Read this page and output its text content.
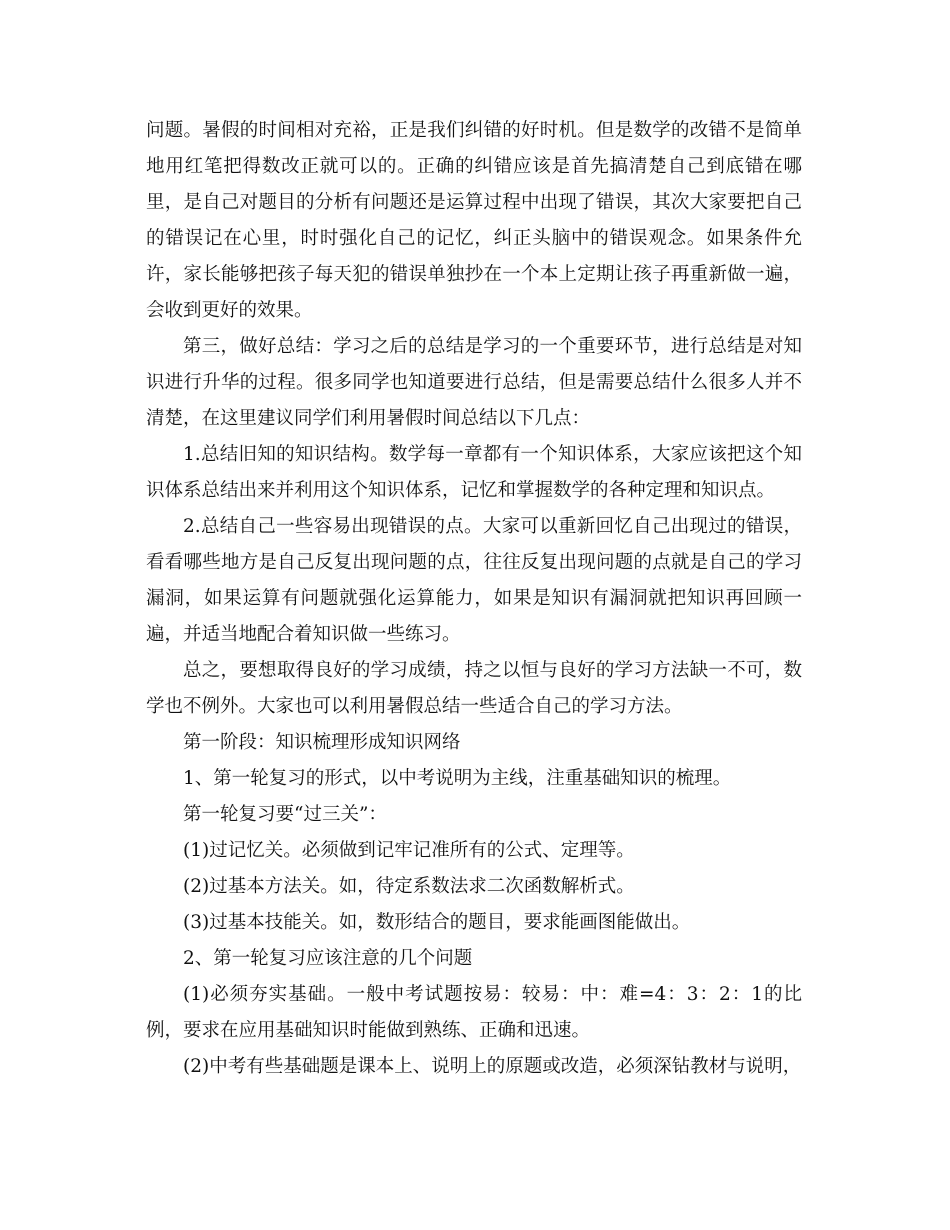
问题。暑假的时间相对充裕，正是我们纠错的好时机。但是数学的改错不是简单地用红笔把得数改正就可以的。正确的纠错应该是首先搞清楚自己到底错在哪里，是自己对题目的分析有问题还是运算过程中出现了错误，其次大家要把自己的错误记在心里，时时强化自己的记忆，纠正头脑中的错误观念。如果条件允许，家长能够把孩子每天犯的错误单独抄在一个本上定期让孩子再重新做一遍，会收到更好的效果。

第三，做好总结：学习之后的总结是学习的一个重要环节，进行总结是对知识进行升华的过程。很多同学也知道要进行总结，但是需要总结什么很多人并不清楚，在这里建议同学们利用暑假时间总结以下几点：

1.总结旧知的知识结构。数学每一章都有一个知识体系，大家应该把这个知识体系总结出来并利用这个知识体系，记忆和掌握数学的各种定理和知识点。

2.总结自己一些容易出现错误的点。大家可以重新回忆自己出现过的错误，看看哪些地方是自己反复出现问题的点，往往反复出现问题的点就是自己的学习漏洞，如果运算有问题就强化运算能力，如果是知识有漏洞就把知识再回顾一遍，并适当地配合着知识做一些练习。

总之，要想取得良好的学习成绩，持之以恒与良好的学习方法缺一不可，数学也不例外。大家也可以利用暑假总结一些适合自己的学习方法。

第一阶段：知识梳理形成知识网络

1、第一轮复习的形式，以中考说明为主线，注重基础知识的梳理。

第一轮复习要“过三关”：

(1)过记忆关。必须做到记牢记准所有的公式、定理等。

(2)过基本方法关。如，待定系数法求二次函数解析式。

(3)过基本技能关。如，数形结合的题目，要求能画图能做出。

2、第一轮复习应该注意的几个问题

(1)必须夯实基础。一般中考试题按易：较易：中：难=4：3：2：1的比例，要求在应用基础知识时能做到熟练、正确和迅速。

(2)中考有些基础题是课本上、说明上的原题或改造，必须深钻教材与说明，
